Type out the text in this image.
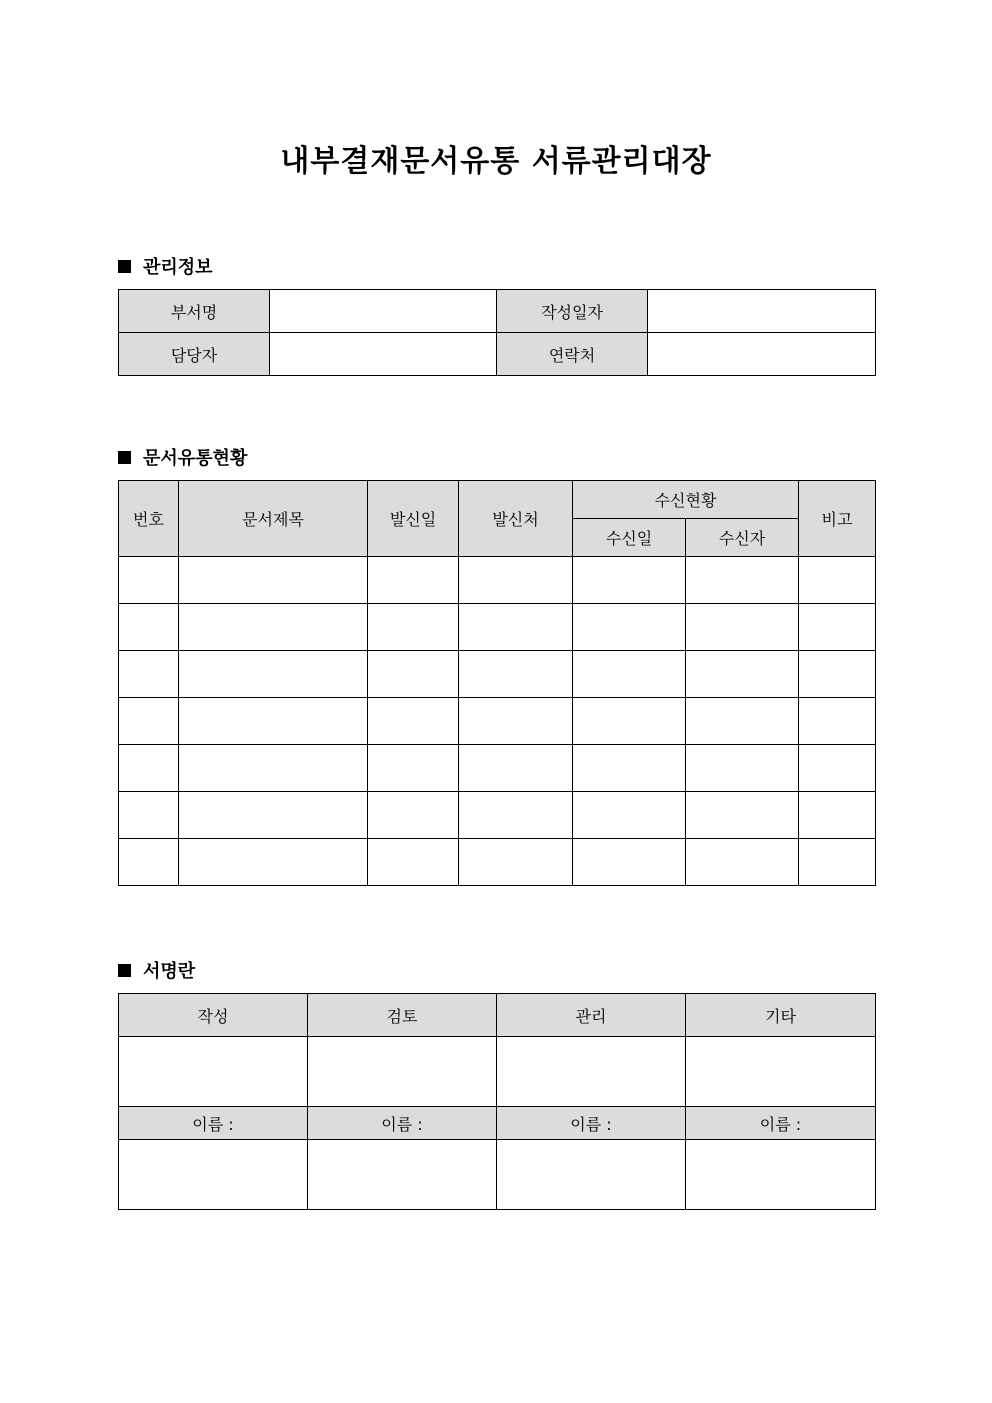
내부결재문서유통 서류관리대장
관리정보
부서명		작성일자	
담당자		연락처	
문서유통현황
번호	문서제목	발신일	발신처	수신현황		비고
				수신일	수신자	

서명란
작성	검토	관리	기타

이름 :	이름 :	이름 :	이름 :
